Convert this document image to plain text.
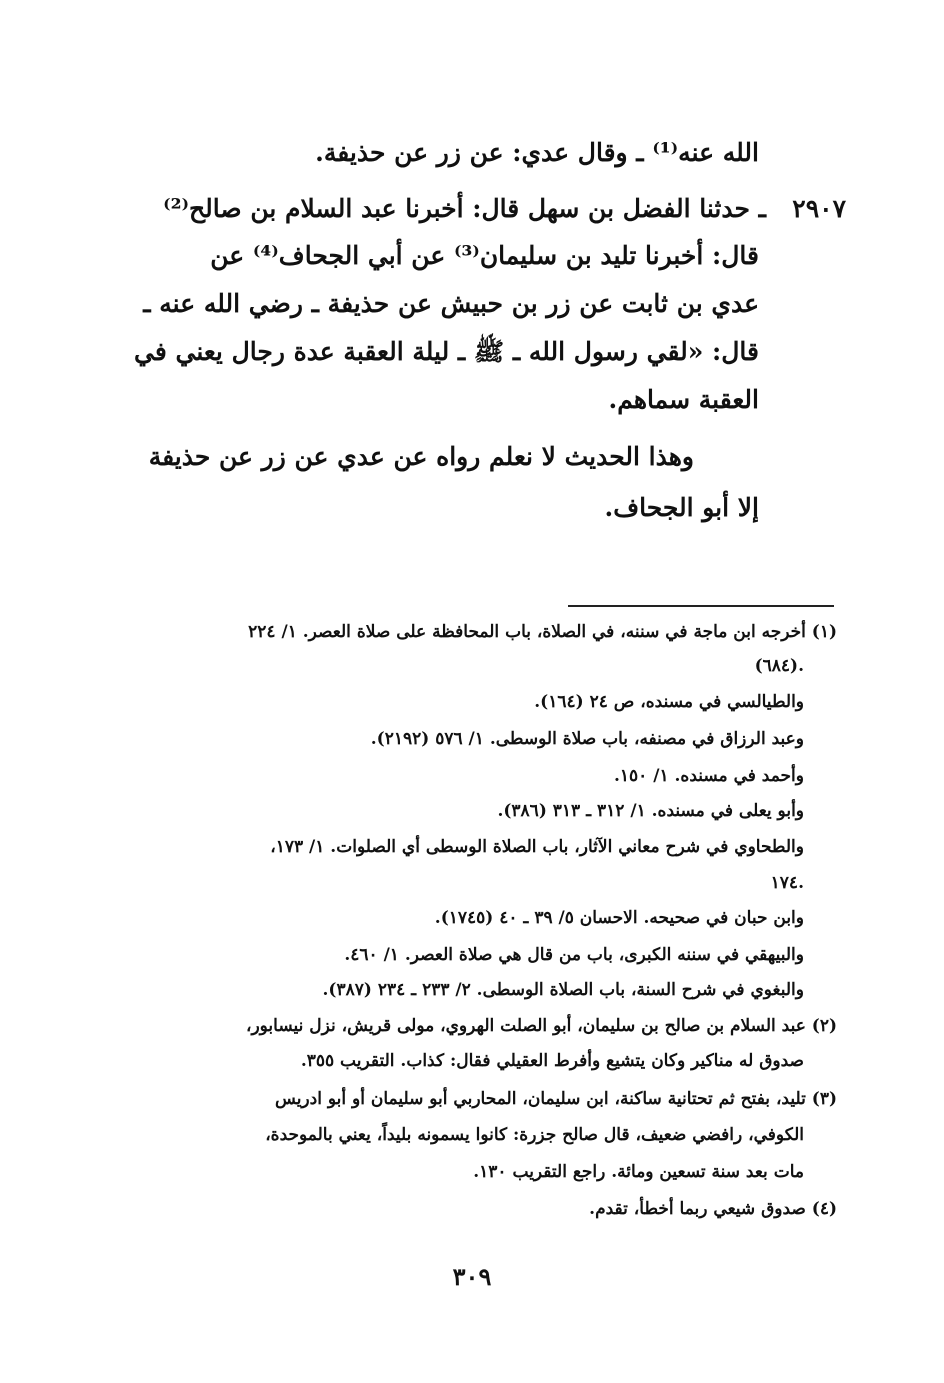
الله عنه⁽¹⁾ ـ وقال عدي: عن زر عن حذيفة.
٢٩٠٧
ـ حدثنا الفضل بن سهل قال: أخبرنا عبد السلام بن صالح⁽²⁾
قال: أخبرنا تليد بن سليمان⁽³⁾ عن أبي الجحاف⁽⁴⁾ عن
عدي بن ثابت عن زر بن حبيش عن حذيفة ـ رضي الله عنه ـ
قال: «لقي رسول الله ـ ﷺ ـ ليلة العقبة عدة رجال يعني في
العقبة سماهم.
وهذا الحديث لا نعلم رواه عن عدي عن زر عن حذيفة
إلا أبو الجحاف.
(١) أخرجه ابن ماجة في سننه، في الصلاة، باب المحافظة على صلاة العصر. ١/ ٢٢٤
(٦٨٤).
والطيالسي في مسنده، ص ٢٤ (١٦٤).
وعبد الرزاق في مصنفه، باب صلاة الوسطى. ١/ ٥٧٦ (٢١٩٢).
وأحمد في مسنده. ١/ ١٥٠.
وأبو يعلى في مسنده. ١/ ٣١٢ ـ ٣١٣ (٣٨٦).
والطحاوي في شرح معاني الآثار، باب الصلاة الوسطى أي الصلوات. ١/ ١٧٣،
١٧٤.
وابن حبان في صحيحه. الاحسان ٥/ ٣٩ ـ ٤٠ (١٧٤٥).
والبيهقي في سننه الكبرى، باب من قال هي صلاة العصر. ١/ ٤٦٠.
والبغوي في شرح السنة، باب الصلاة الوسطى. ٢/ ٢٣٣ ـ ٢٣٤ (٣٨٧).
(٢) عبد السلام بن صالح بن سليمان، أبو الصلت الهروي، مولى قريش، نزل نيسابور،
صدوق له مناكير وكان يتشيع وأفرط العقيلي فقال: كذاب. التقريب ٣٥٥.
(٣) تليد، بفتح ثم تحتانية ساكنة، ابن سليمان، المحاربي أبو سليمان أو أبو ادريس
الكوفي، رافضي ضعيف، قال صالح جزرة: كانوا يسمونه بليداً، يعني بالموحدة،
مات بعد سنة تسعين ومائة. راجع التقريب ١٣٠.
(٤) صدوق شيعي ربما أخطأ، تقدم.
٣٠٩
